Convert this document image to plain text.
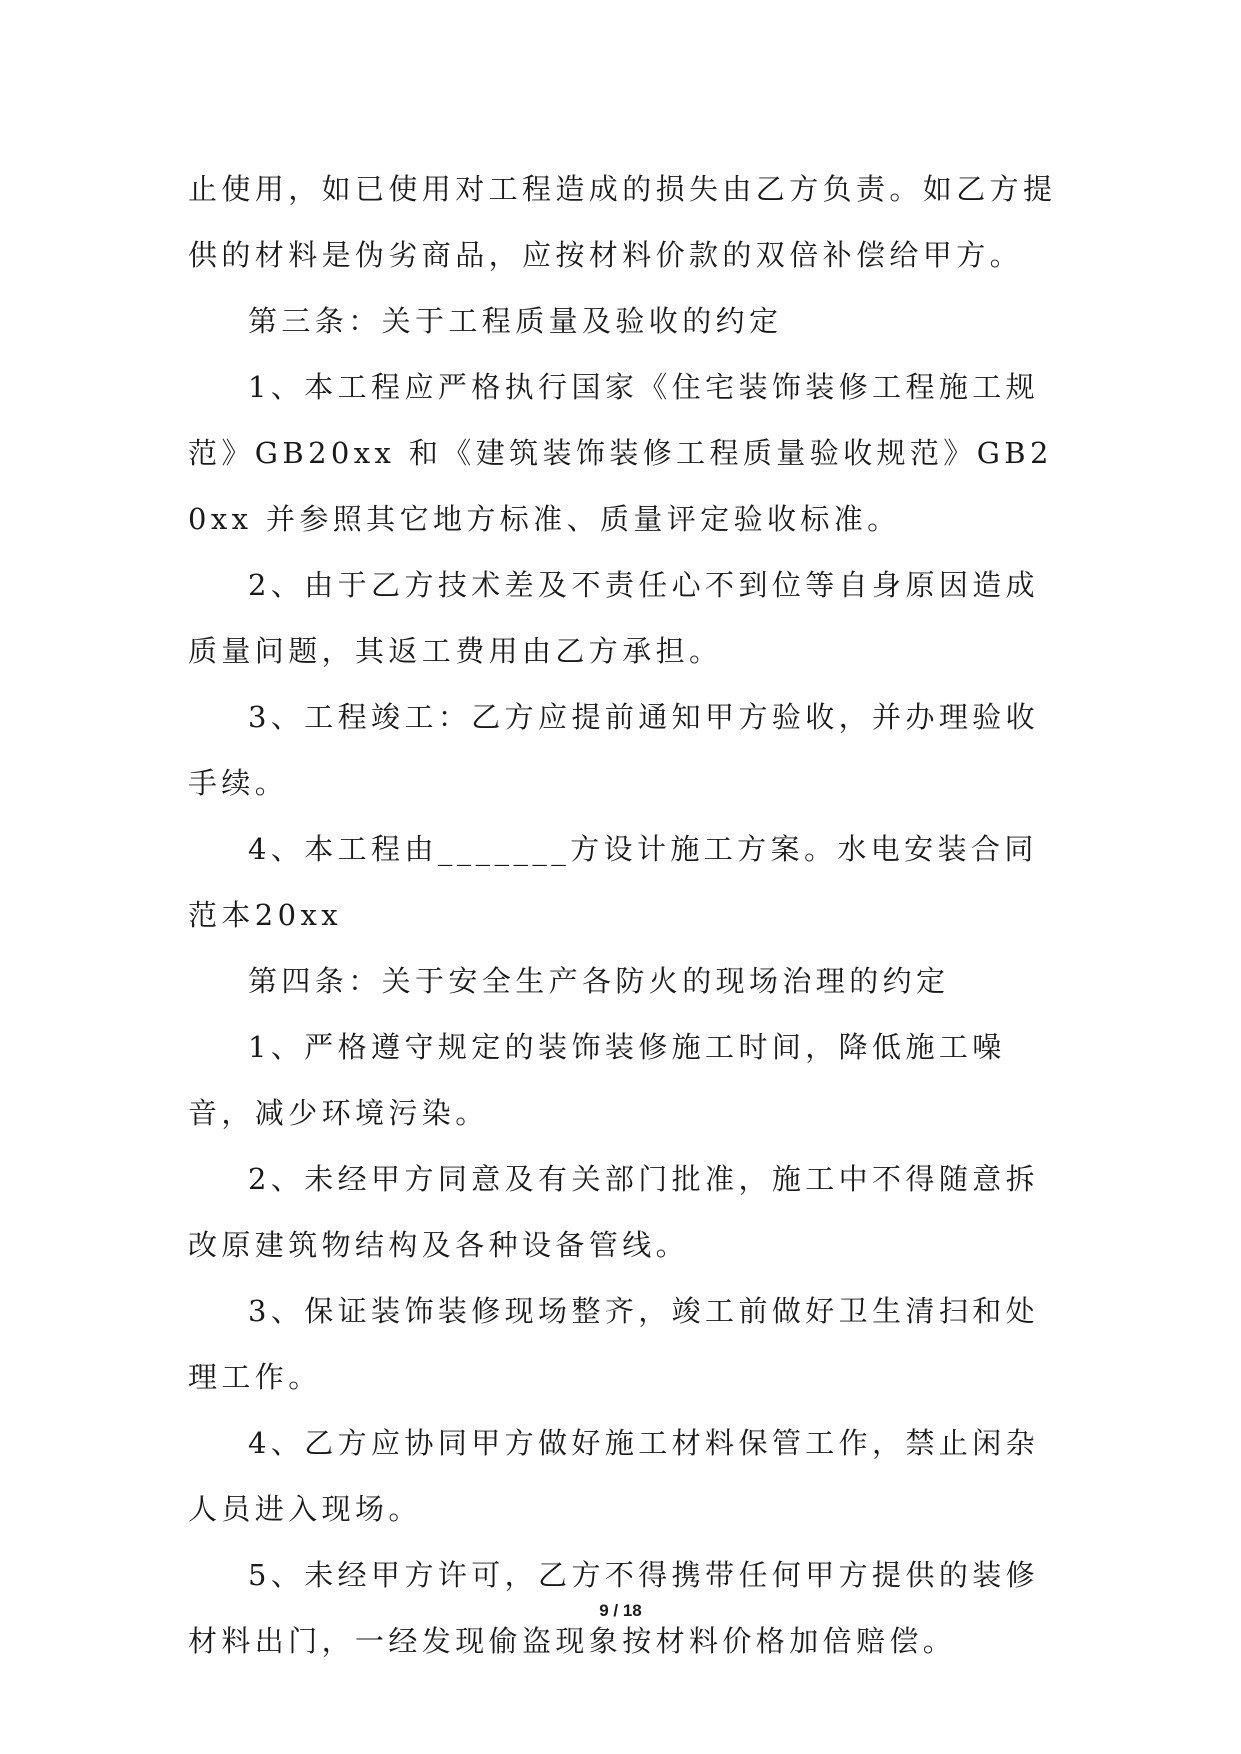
止使用，如已使用对工程造成的损失由乙方负责。如乙方提供的材料是伪劣商品，应按材料价款的双倍补偿给甲方。

第三条：关于工程质量及验收的约定

1、本工程应严格执行国家《住宅装饰装修工程施工规范》GB20xx 和《建筑装饰装修工程质量验收规范》GB20xx 并参照其它地方标准、质量评定验收标准。

2、由于乙方技术差及不责任心不到位等自身原因造成质量问题，其返工费用由乙方承担。

3、工程竣工：乙方应提前通知甲方验收，并办理验收手续。

4、本工程由_______方设计施工方案。水电安装合同范本20xx

第四条：关于安全生产各防火的现场治理的约定

1、严格遵守规定的装饰装修施工时间，降低施工噪音，减少环境污染。

2、未经甲方同意及有关部门批准，施工中不得随意拆改原建筑物结构及各种设备管线。

3、保证装饰装修现场整齐，竣工前做好卫生清扫和处理工作。

4、乙方应协同甲方做好施工材料保管工作，禁止闲杂人员进入现场。

5、未经甲方许可，乙方不得携带任何甲方提供的装修材料出门，一经发现偷盗现象按材料价格加倍赔偿。

9 / 18
